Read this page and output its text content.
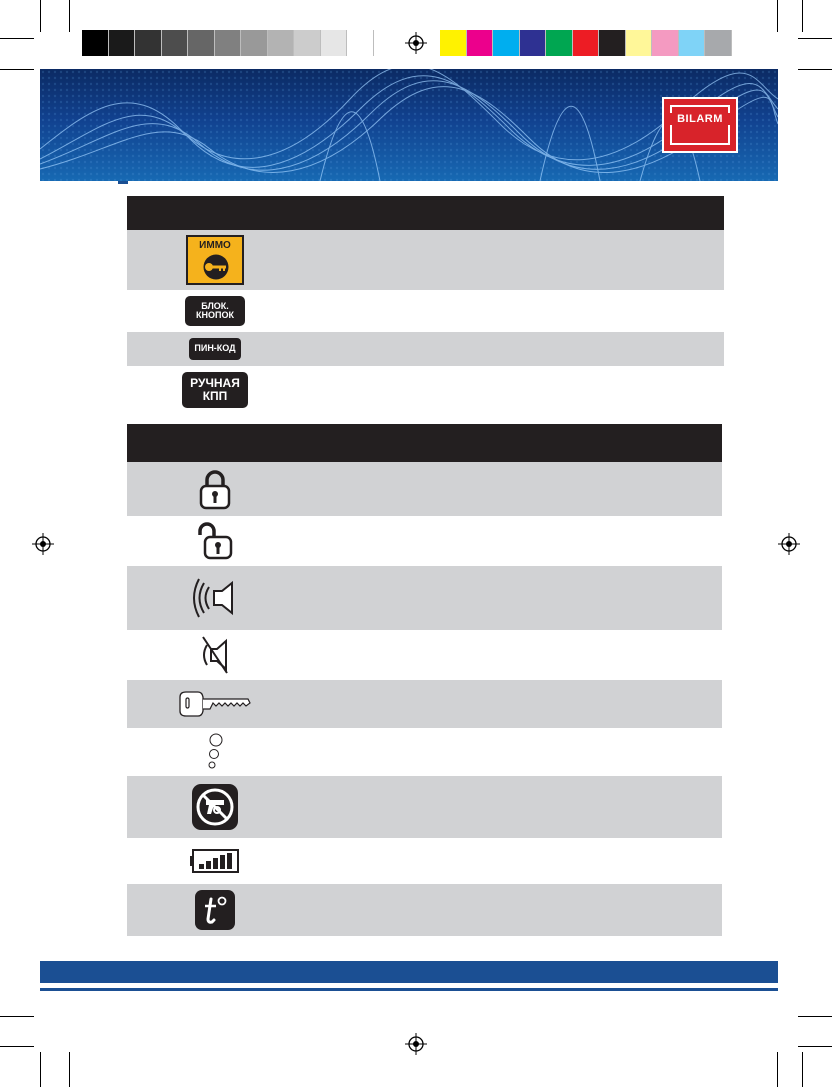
BILARM
ИММО
БЛОК.
КНОПОК
ПИН-КОД
РУЧНАЯ
КПП
